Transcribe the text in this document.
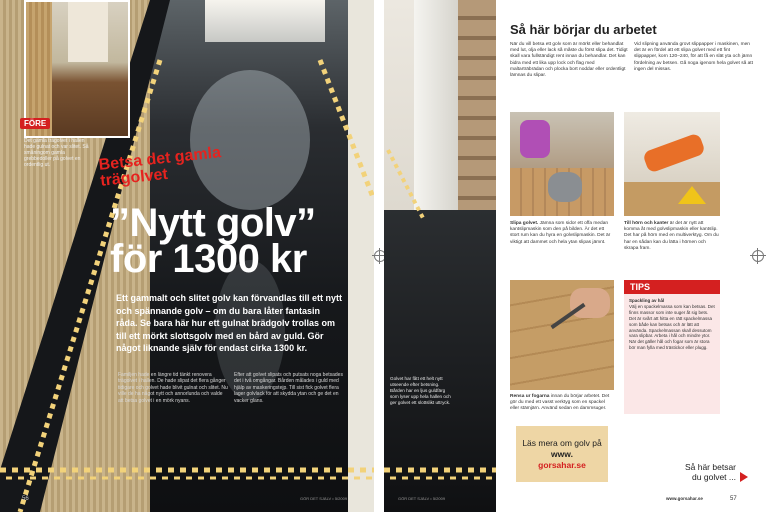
FÖRE
Det gamla trägolvet i hallen hade gulnat och var slitet. Så småningom gamla grebbedoller på golvet en ordentlig ut.	Betsa det gamla trägolvet
”Nytt golv” för 1300 kr
Ett gammalt och slitet golv kan förvandlas till ett nytt och spännande golv – om du bara låter fantasin råda. Se bara här hur ett gulnat brädgolv trollas om till ett mörkt slottsgolv med en bård av guld. Gör något liknande själv för endast cirka 1300 kr.
Familjen hade en längre tid tänkt renovera trägolvet i hallen. De hade slipat det flera gånger tidigare och golvet hade blivit gulnat och slitet. Nu ville de ha något nytt och annorlunda och valde att betsa golvet i en mörk nyans.
Efter att golvet slipats och putsats noga betsades det i två omgångar. Bården målades i guld med hjälp av maskeringstejp. Till sist fick golvet flera lager golvlack för att skydda ytan och ge det en vacker glans.
56	GÖR DET SJÄLV • 5/2009
Golvet har fått ett helt nytt utseende efter betsning. Bården har en ljus guldfärg som lyser upp hela hallen och ger golvet ett slottslikt uttryck.
GÖR DET SJÄLV • 5/2009
Så här börjar du arbetet
När du vill betsa ett golv som är mörkt eller behandlat med lut, olja eller lack så måste du först slipa det. Tidigt skall vara fullständigt rent innan du behandlar. Det kan bidra med ett lika upp lock och flag med maltarträbrädan och plocka bort noddar eller ordentligt lämnas du slipar.
Vid slipning använda grovt slippapper i maskinen, men det är en fördel att ett slipa golvet med ett fint slippapper, korn 120–240, för att få en slät yta och jämn fördelning av betsen. Gå noga igenom hela golvet så att ingen del missas.
Slipa golvet. Jämna som sidor ett offa medan kantslipmaskin som den på bilden. Är det ett stort rum kan du hyra en golvslipmaskin. Det är viktigt att dammet och hela ytan slipas jämnt.
Till hörn och kanter är det är nytt att komma åt med golvslipmaskin eller kantslip. Det har på hörn med en multiverktyg. Om du har en sådan kan du lätta i hörnen och skrapa fram.
Rensa ur fogarna innan du börjar arbetet. Det gör du med ett vasst verktyg som en spackel eller stämjärn. Använd sedan en dammsuger.
TIPS
Spackling av hål
Välj en spackelmassa som kan betsas. Det finns massor som inte suger åt sig bets. Det är svårt att hitta en rätt spackelmassa som både kan betsas och är lätt att använda. Spackelmassan skall dessutom vara slipbar. Arbeta i hål och mindre ytor. När det gäller hål och fogar som är stora bör man fylla med trästickor eller plugg.
Läs mera om golv på
www.
gorsahar.se	Så här betsar
du golvet ...
www.gorsahar.se	57
